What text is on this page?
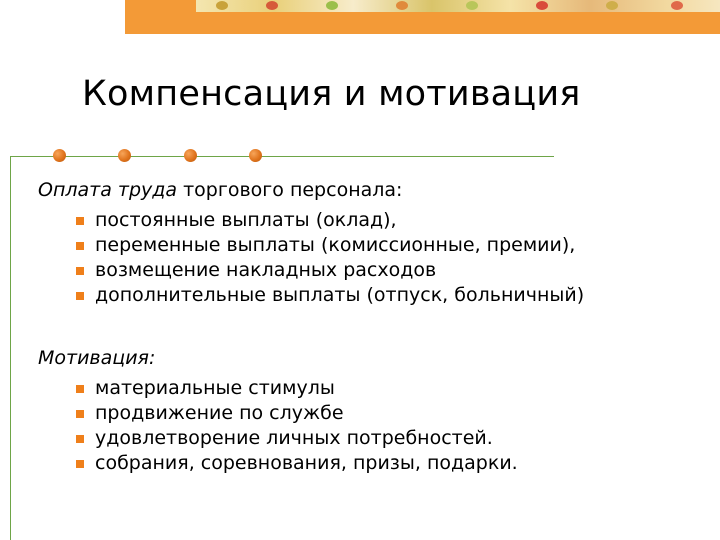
Компенсация и мотивация
Оплата труда торгового персонала:
постоянные выплаты (оклад),
переменные выплаты (комиссионные, премии),
возмещение накладных расходов
дополнительные выплаты (отпуск, больничный)
Мотивация:
материальные стимулы
продвижение по службе
удовлетворение личных потребностей.
собрания, соревнования, призы, подарки.
